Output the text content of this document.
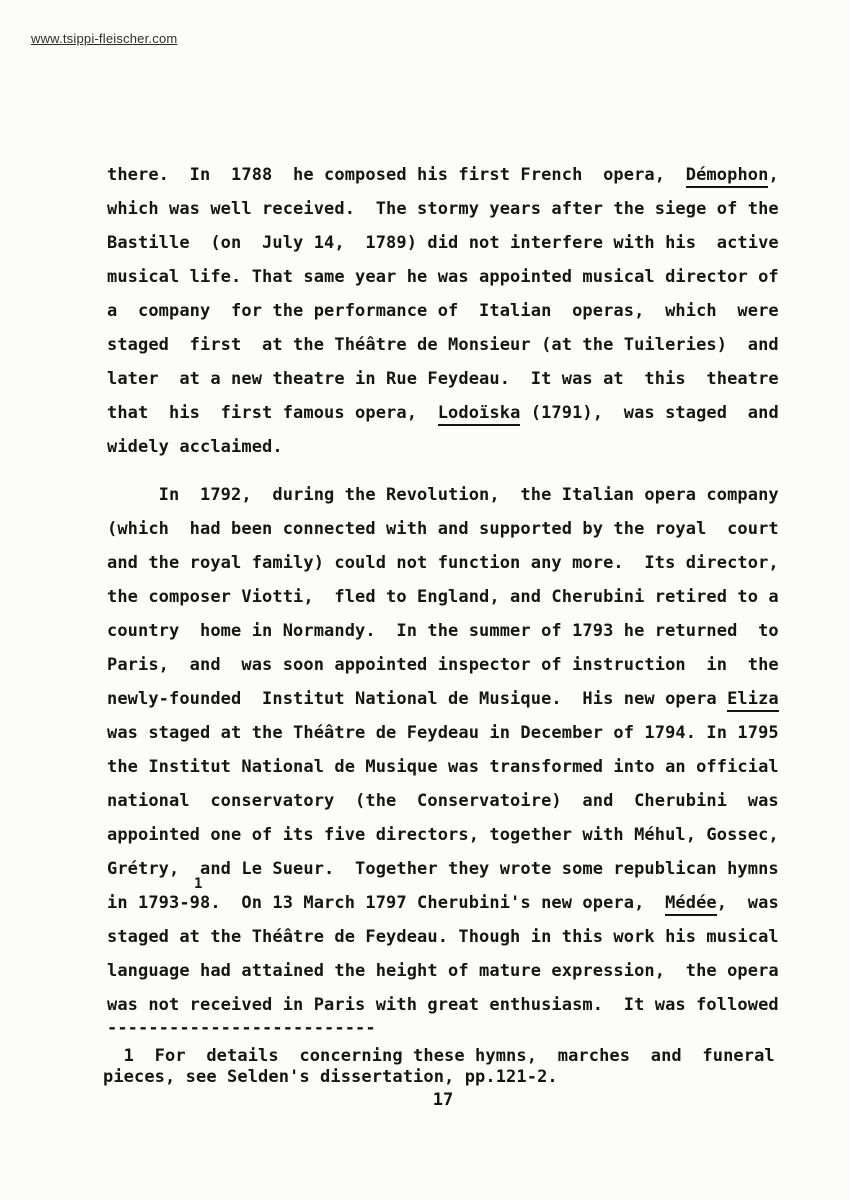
www.tsippi-fleischer.com
there.  In  1788  he composed his first French  opera,  Démophon,
which was well received.  The stormy years after the siege of the
Bastille  (on  July 14,  1789) did not interfere with his  active
musical life. That same year he was appointed musical director of
a  company  for the performance of  Italian  operas,  which  were
staged  first  at the Théâtre de Monsieur (at the Tuileries)  and
later  at a new theatre in Rue Feydeau.  It was at  this  theatre
that  his  first famous opera,  Lodoïska (1791),  was staged  and
widely acclaimed.
In  1792,  during the Revolution,  the Italian opera company
(which  had been connected with and supported by the royal  court
and the royal family) could not function any more.  Its director,
the composer Viotti,  fled to England, and Cherubini retired to a
country  home in Normandy.  In the summer of 1793 he returned  to
Paris,  and  was soon appointed inspector of instruction  in  the
newly-founded  Institut National de Musique.  His new opera Eliza
was staged at the Théâtre de Feydeau in December of 1794. In 1795
the Institut National de Musique was transformed into an official
national  conservatory  (the  Conservatoire)  and  Cherubini  was
appointed one of its five directors, together with Méhul, Gossec,
Grétry,  and Le Sueur.  Together they wrote some republican hymns
in 1793-98.  On 13 March 1797 Cherubini's new opera,  Médée,  was
staged at the Théâtre de Feydeau. Though in this work his musical
language had attained the height of mature expression,  the opera
was not received in Paris with great enthusiasm.  It was followed
1
--------------------------
1  For  details  concerning these hymns,  marches  and  funeral
pieces, see Selden's dissertation, pp.121-2.
17
